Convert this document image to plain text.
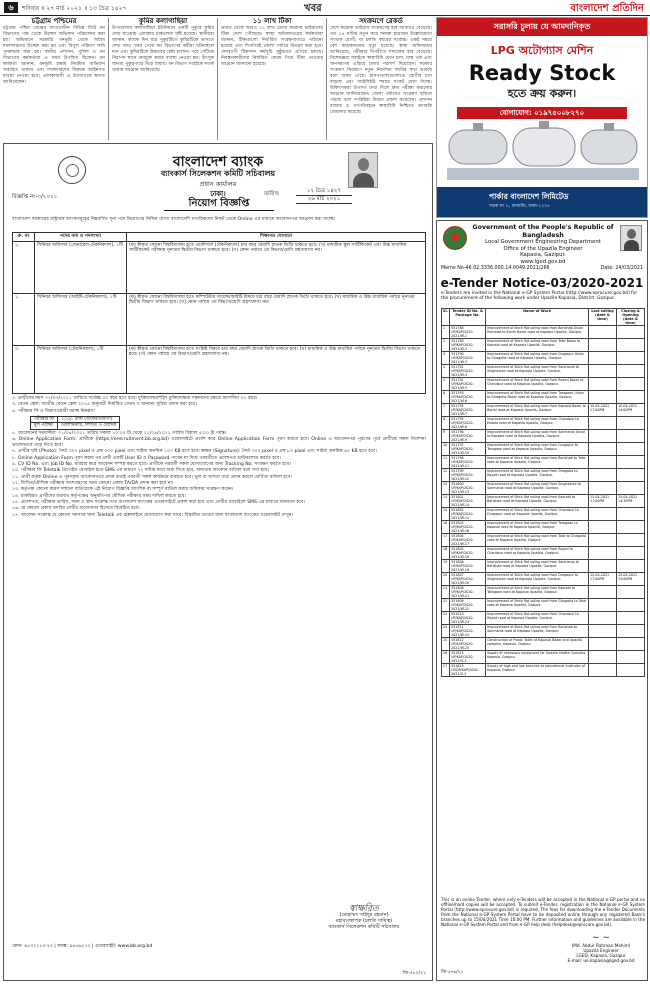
৬	শনিবার ॥ ২৭ মার্চ ২০২১ ॥ ১৩ চৈত্র ১৪২৭	খবর	বাংলাদেশ প্রতিদিন
চট্টগ্রাম পশ্চিমের

চট্টগ্রাম পশ্চিম রেঞ্জের আওতাধীন বিভিন্ন বিটে বন বিভাগের পক্ষ থেকে উচ্ছেদ অভিযান পরিচালনা করা হয়। অভিযানে সরকারি বনভূমি থেকে অবৈধ দখলদারদের উচ্ছেদ করা হয় এবং বিপুল পরিমাণ জমি পুনরুদ্ধার করা হয়। স্থানীয় প্রশাসন, পুলিশ ও বন বিভাগের কর্মকর্তারা এ সময় উপস্থিত ছিলেন। বন কর্মকর্তা জানান, বনভূমি রক্ষায় নিয়মিত অভিযান অব্যাহত থাকবে এবং দখলদারদের বিরুদ্ধে আইনগত ব্যবস্থা নেওয়া হবে। এলাকাবাসী এ উদ্যোগকে স্বাগত জানিয়েছেন।

কুমির কলাগাছিয়া

উপজেলার কলাগাছিয়া ইউনিয়নে একটি পুকুরে কুমির দেখা যাওয়ায় এলাকায় চাঞ্চল্যের সৃষ্টি হয়েছে। স্থানীয়রা জানান, কয়েক দিন ধরে পুকুরটিতে কুমিরটিকে ভাসতে দেখা যায়। খবর পেয়ে বন বিভাগের কর্মীরা ঘটনাস্থলে যান এবং কুমিরটিকে উদ্ধারের চেষ্টা চালান। পরে সেটিকে নিরাপদ স্থানে অবমুক্ত করার ব্যবস্থা নেওয়া হয়। উৎসুক জনতা পুকুরপাড়ে ভিড় জমায়। বন বিভাগ সবাইকে সতর্ক থাকার আহ্বান জানিয়েছে।

১১ লাখ টিকা

ভারত থেকে আরও ১১ লাখ ডোজ করোনা ভাইরাসের টিকা দেশে পৌঁছেছে। স্বাস্থ্য অধিদফতরের কর্মকর্তারা জানান, টিকাগুলো নির্ধারিত সংরক্ষণাগারে পাঠানো হয়েছে এবং শিগগিরই জেলা পর্যায়ে বিতরণ করা হবে। দেশব্যাপী টিকাদান কর্মসূচি সুষ্ঠুভাবে এগিয়ে চলছে। নিবন্ধনকারীদের নির্ধারিত কেন্দ্রে গিয়ে টিকা নেওয়ার আহ্বান জানানো হয়েছে।

সংক্রমণে রেকর্ড

দেশে করোনা ভাইরাস সংক্রমণের হার আবারও বেড়েছে। গত ২৪ ঘণ্টায় নতুন করে শনাক্ত হয়েছেন উল্লেখযোগ্য সংখ্যক রোগী, যা চলতি বছরের সর্বোচ্চ। একই সময়ে বেশ কয়েকজনের মৃত্যু হয়েছে। স্বাস্থ্য অধিদফতর জানিয়েছে, পরীক্ষার বিপরীতে শনাক্তের হার বেড়েছে। বিশেষজ্ঞরা সবাইকে স্বাস্থ্যবিধি মেনে চলা, মাস্ক পরা এবং জনসমাগম এড়িয়ে চলার পরামর্শ দিয়েছেন। সরকার সংক্রমণ নিয়ন্ত্রণে নতুন নির্দেশনা জারির কথা ভাবছে বলে জানা গেছে। হাসপাতালগুলোতে রোগীর চাপ বাড়ছে এবং আইসিইউ শয্যার সংকট দেখা দিচ্ছে। চিকিৎসকরা উপসর্গ দেখা দিলে দ্রুত পরীক্ষা করানোর আহ্বান জানিয়েছেন। জেলা পর্যায়েও সংক্রমণ ছড়িয়ে পড়ছে বলে সংশ্লিষ্টরা উদ্বেগ প্রকাশ করেছেন। প্রশাসন বাজার ও গণপরিবহনে স্বাস্থ্যবিধি নিশ্চিতে তদারকি জোরদার করেছে।

সরাসরি চুলায় যে আমদানিকৃত
LPG অটোগ্যাস মেশিন
Ready Stock
হতে ক্রয় করুন।
যোগাযোগ: ০১৯৭৫০০৮২৭০
পার্কার বাংলাদেশ লিমিটেড
সড়ক নং ৮, ধানমন্ডি, ঢাকা-১২০৫
বাংলাদেশ ব্যাংক
ব্যাংকার্স সিলেকশন কমিটি সচিবালয়
প্রধান কার্যালয়
ঢাকা।
বিজ্ঞপ্তি নং-৩/২০২১	তারিখ:	১২ চৈত্র ১৪২৭
২৬ মার্চ ২০২১
নিয়োগ বিজ্ঞপ্তি
বাংলাদেশ সরকারের রাষ্ট্রায়ত্ত ব্যাংকসমূহের নিম্নবর্ণিত শূন্য পদে নিয়োগের নিমিত্ত যোগ্য বাংলাদেশি নাগরিকদের নিকট থেকে Online এর মাধ্যমে আবেদনপত্র আহ্বান করা যাচ্ছে।
ক্র. নং	পদের নাম ও পদসংখ্যা	শিক্ষাগত যোগ্যতা
১.	সিনিয়র অফিসার (জেনারেল-টেকনিক্যাল), ১টি	(ক) স্বীকৃত কোনো বিশ্ববিদ্যালয় হতে প্রকৌশলে (টেকনিক্যাল) চার বছর মেয়াদি স্নাতক ডিগ্রি থাকতে হবে। (খ) মাধ্যমিক স্কুল সার্টিফিকেট এবং উচ্চ মাধ্যমিক সার্টিফিকেট পরীক্ষায় নূন্যতম দ্বিতীয় বিভাগ থাকতে হবে। (গ) কোন পর্যায়ে ৩য় বিভাগ/শ্রেণি গ্রহণযোগ্য নয়।
২.	সিনিয়র অফিসার (আইটি-টেকনিক্যাল), ১টি	(ক) স্বীকৃত কোনো বিশ্ববিদ্যালয় হতে কম্পিউটার সায়েন্স/আইটি বিষয়ে চার বছর মেয়াদি স্নাতক ডিগ্রি থাকতে হবে। (খ) মাধ্যমিক ও উচ্চ মাধ্যমিক পর্যায়ে নূন্যতম দ্বিতীয় বিভাগ থাকতে হবে। (গ) কোন পর্যায়ে ৩য় বিভাগ/শ্রেণি গ্রহণযোগ্য নয়।
৩.	সিনিয়র অফিসার (টেকনিক্যাল), ১টি	(ক) স্বীকৃত কোনো বিশ্ববিদ্যালয় হতে সংশ্লিষ্ট বিষয়ে চার বছর মেয়াদি স্নাতক ডিগ্রি থাকতে হবে। (খ) মাধ্যমিক ও উচ্চ মাধ্যমিক পর্যায়ে নূন্যতম দ্বিতীয় বিভাগ থাকতে হবে। (গ) কোন পর্যায়ে ৩য় বিভাগ/শ্রেণি গ্রহণযোগ্য নয়।

২. প্রার্থীদের বয়স ০১/০৩/২০২১ তারিখে সর্বোচ্চ ৩০ বছর হতে হবে। মুক্তিযোদ্ধা/শহিদ মুক্তিযোদ্ধার সন্তানদের ক্ষেত্রে বয়সসীমা ৩২ বছর।

৩. বেতন স্কেল: জাতীয় বেতন স্কেল ২০১৫ অনুযায়ী নির্ধারিত বেতন ও অন্যান্য সুবিধা প্রদান করা হবে।

৪. পরীক্ষার ফি ও বিভাগওয়ারী বরাদ্দ নিম্নরূপ:

পরীক্ষার ফি	২০০/- টাকা (অফেরতযোগ্য)
মূল পরীক্ষা	প্রিলিমিনারি, লিখিত ও মৌখিক

৫. আবেদনের সময়সীমা: ০১/০৪/২০২১ তারিখ সকাল ১০:০০ টা থেকে ২২/০৪/২০২১ তারিখ বিকাল ৫:০০ টা পর্যন্ত।

৬. Online Application Form: প্রার্থীকে (https://erecruitment.bb.org.bd) ওয়েবসাইটে প্রবেশ করে Online Application Form পূরণ করতে হবে। Online এ আবেদনপত্র পূরণের পূর্বে প্রার্থীকে সকল নির্দেশনা ভালোভাবে পড়ে নিতে হবে।

৭. প্রার্থীর ছবি (Photo): দৈর্ঘ্য ৩০০ pixel ও প্রস্থ ৩০০ pixel এবং সাইজ অনধিক ১০০ KB হতে হবে। স্বাক্ষর (Signature): দৈর্ঘ্য ৩০০ pixel ও প্রস্থ ৮০ pixel এবং সাইজ অনধিক ৬০ KB হতে হবে।

৮. Online Application Form পূরণ করার পর প্রার্থী একটি User ID ও Password পাবেন যা দিয়ে পরবর্তীতে প্রবেশপত্র ডাউনলোড করতে হবে।

৯. CV ID No. এবং Job ID No. ব্যবহার করে আবেদন সম্পন্ন করতে হবে। প্রার্থীকে পরবর্তী সকল যোগাযোগের জন্য Tracking No. সংরক্ষণ করতে হবে।

১০. পরীক্ষার ফি Teletalk প্রিপেইড মোবাইল হতে SMS এর মাধ্যমে ৭২ ঘণ্টার মধ্যে জমা দিতে হবে, অন্যথায় আবেদন বাতিল বলে গণ্য হবে।

১১. প্রার্থী কর্তৃক Online এ পূরণকৃত আবেদনপত্রে প্রদত্ত তথ্যই পরবর্তী সকল কার্যক্রমে ব্যবহৃত হবে। ভুল বা অসত্য তথ্য প্রদান করলে প্রার্থিতা বাতিল হবে।

১২. লিখিত/মৌখিক পরীক্ষায় অংশগ্রহণের জন্য কোনো প্রকার TA/DA প্রদান করা হবে না।

১৩. কর্তৃপক্ষ কোনো কারণ দর্শানো ব্যতিরেকে এই নিয়োগ বিজ্ঞপ্তি আংশিক বা সম্পূর্ণ বাতিল করার অধিকার সংরক্ষণ করেন।

১৪. চাকরিরত প্রার্থীদের যথাযথ কর্তৃপক্ষের অনুমতিপত্র মৌখিক পরীক্ষার সময় দাখিল করতে হবে।

১৫. প্রবেশপত্র, পরীক্ষার তারিখ, সময় ও স্থান সংক্রান্ত তথ্য বাংলাদেশ ব্যাংকের ওয়েবসাইটে প্রকাশ করা হবে এবং প্রার্থীর মোবাইলে SMS এর মাধ্যমে জানানো হবে।

১৬. যে কোনো প্রকার তদবির প্রার্থীর অযোগ্যতা হিসেবে বিবেচিত হবে।

১৭. আবেদন সংক্রান্ত যে কোনো সমস্যার জন্য Teletalk এর হেল্পলাইনে যোগাযোগ করা যাবে। বিস্তারিত তথ্যের জন্য বাংলাদেশ ব্যাংকের ওয়েবসাইট দেখুন।

স্বাক্ষরিত
(মোহাম্মদ সাইদুর রহমান)
মহাব্যবস্থাপক (চলতি দায়িত্ব)
ব্যাংকার্স সিলেকশন কমিটি সচিবালয়
ফোন: ৯৫৩০১১৩-২৩ | ফ্যাক্স: ৯৫৬৬২১২ | ওয়েবসাইট: www.bb.org.bd
জি-৫৮০/২১
Government of the People's Republic of Bangladesh
Local Government Engineering Department
Office of the Upazila Engineer
Kapasia, Gazipur.
www.lged.gov.bd
Memo No-46.02.3336.000.14.0049.2021/266	Date: 24/03/2021
e-Tender Notice-03/2020-2021
e-Tenders are invited in the National e-GP System Portal (http://www.eprocure.gov.bd) for the procurement of the following work under Upazila Kapasia, District: Gazipur.
Sl.	Tender ID No. & Package No.	Name of Work	Last selling (date & time)	Closing & Opening (date & time)
1	551788 UP/KAP/2020-2021/W-1	Improvement of Brick flat soling road from Barishab Union Parishad to Karim Bazar road at Kapasia Upazila, Gazipur.		
2	551789 UP/KAP/2020-2021/W-2	Improvement of Brick flat soling road from Toke Bazar to Kaoraid road at Kapasia Upazila, Gazipur.		
3	551790 UP/KAP/2020-2021/W-3	Improvement of Brick flat soling road from Durgapur Union to Ghagotia road at Kapasia Upazila, Gazipur.		
4	551791 UP/KAP/2020-2021/W-4	Improvement of Brick flat soling road from Sanmania to Singhasree road at Kapasia Upazila, Gazipur.		
5	551792 UP/KAP/2020-2021/W-5	Improvement of Brick flat soling road from Rayed Bazar to Chandpur road at Kapasia Upazila, Gazipur.		
6	551793 UP/KAP/2020-2021/W-6	Improvement of Brick flat soling road from Tarogaon Union to Ghagotia Bazar road at Kapasia Upazila, Gazipur.		
7	551794 UP/KAP/2020-2021/W-7	Improvement of Brick flat soling road from Kapasia Bazar to Bormi road at Kapasia Upazila, Gazipur.	15-04-2021 17:00PM	15-04-2021 14:00PM
8	551795 UP/KAP/2020-2021/W-8	Improvement of Brick flat soling road from Chandpur to Ekdala road at Kapasia Upazila, Gazipur.		
9	551796 UP/KAP/2020-2021/W-9	Improvement of Brick flat soling road from Sanmania Union to Kapasia road at Kapasia Upazila, Gazipur.		
10	551797 UP/KAP/2020-2021/W-10	Improvement of Brick flat soling road from Durgapur to Tarogaon road at Kapasia Upazila, Gazipur.		
11	551798 UP/KAP/2020-2021/W-11	Improvement of Brick flat soling road from Barishab to Toke road at Kapasia Upazila, Gazipur.		
12	551799 UP/KAP/2020-2021/W-12	Improvement of Brick flat soling road from Ghagotia to Rayed road at Kapasia Upazila, Gazipur.		
13	551800 UP/KAP/2020-2021/W-13	Improvement of Brick flat soling road from Singhasree to Sanmania road at Kapasia Upazila, Gazipur.		
14	551801 UP/KAP/2020-2021/W-14	Improvement of Brick flat soling road from Kaoraid to Barishab road at Kapasia Upazila, Gazipur.	15-04-2021 17:00PM	15-04-2021 14:30PM
15	551802 UP/KAP/2020-2021/W-15	Improvement of Brick flat soling road from Chandpur to Durgapur road at Kapasia Upazila, Gazipur.		
16	551803 UP/KAP/2020-2021/W-16	Improvement of Brick flat soling road from Tarogaon to Kapasia road at Kapasia Upazila, Gazipur.		
17	551804 UP/KAP/2020-2021/W-17	Improvement of Brick flat soling road from Toke to Ghagotia road at Kapasia Upazila, Gazipur.		
18	551805 UP/KAP/2020-2021/W-18	Improvement of Brick flat soling road from Rayed to Chandpur road at Kapasia Upazila, Gazipur.		
19	551806 UP/KAP/2020-2021/W-19	Improvement of Brick flat soling road from Sanmania to Barishab road at Kapasia Upazila, Gazipur.		
20	551807 UP/KAP/2020-2021/W-20	Improvement of Brick flat soling road from Durgapur to Singhasree road at Kapasia Upazila, Gazipur.	15-04-2021 17:00PM	15-04-2021 15:00PM
21	551808 UP/KAP/2020-2021/W-21	Improvement of Brick flat soling road from Kaoraid to Tarogaon road at Kapasia Upazila, Gazipur.		
22	551809 UP/KAP/2020-2021/W-22	Improvement of Brick flat soling road from Ghagotia to Toke road at Kapasia Upazila, Gazipur.		
23	551810 UP/KAP/2020-2021/W-23	Improvement of Brick flat soling road from Chandpur to Rayed road at Kapasia Upazila, Gazipur.		
24	551811 UP/KAP/2020-2021/W-24	Improvement of Brick flat soling road from Barishab to Sanmania road at Kapasia Upazila, Gazipur.		
25	551812 UP/KAP/2020-2021/W-25	Construction of Public Toilet at Kapasia Bazar and Upazila complex, Kapasia, Gazipur.		
26	551813 UP/KAP/2020-2021/G-1	Supply of necessary equipment for Upazila Health Complex, Kapasia, Gazipur.		
27	551814 UGDP/KAP/2020-2021/G-2	Supply of high and low benches at educational institutes of Kapasia, Gazipur.		
This is an online Tender, where only e-Tenders will be accepted in the National e-GP portal and no offline/hard copies will be accepted. To submit e-Tender, registration in the National e-GP System Portal (http://www.eprocure.gov.bd) is required. The fees for downloading the e-Tender Documents from the National e-GP System Portal have to be deposited online through any registered Bank's branches up to 15/04/2021 Time 16:00 PM. Further information and guidelines are available in the National e-GP System Portal and from e-GP help desk (helpdesk@eprocure.gov.bd).
~ ~
(Md. Abdur Rahman Mohim)
Upazila Engineer
LGED, Kapasia, Gazipur
E-mail: ue.kapasia@lged.gov.bd
জি-৫৭৬/২১
